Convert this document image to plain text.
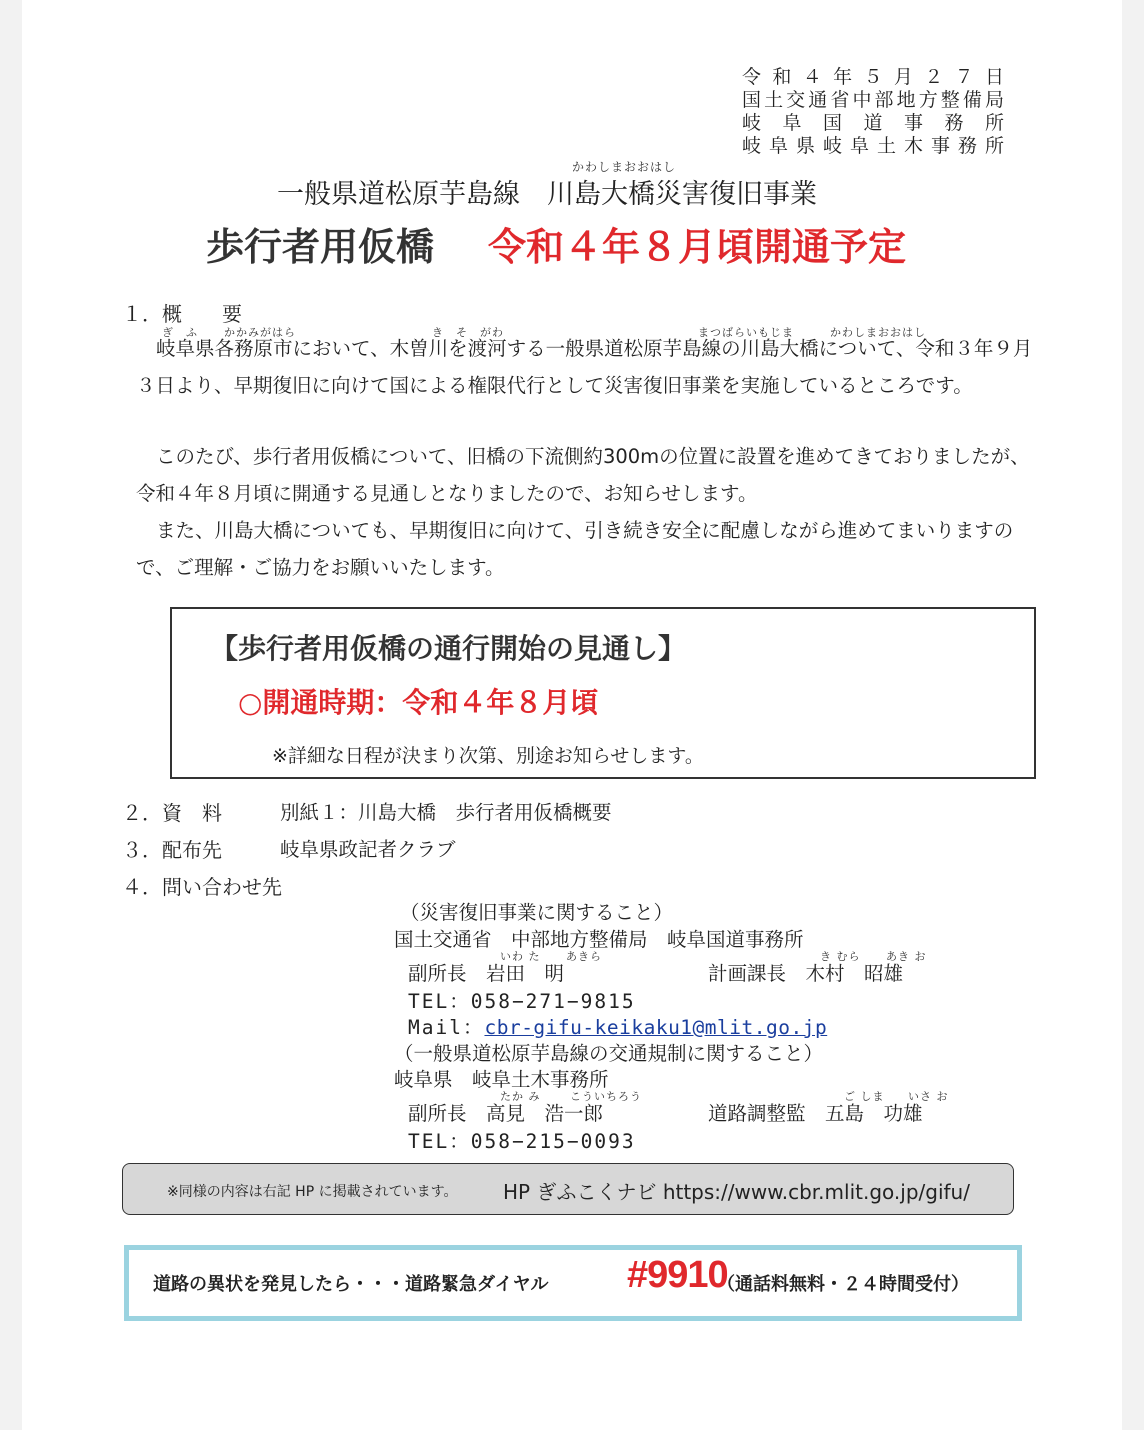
令和４年５月２７日
国土交通省中部地方整備局
岐阜国道事務所
岐阜県岐阜土木事務所
かわしまおおはし
一般県道松原芋島線　川島大橋災害復旧事業
歩行者用仮橋 令和４年８月頃開通予定
１．概　　要
ぎ　ふ かかみがはら	き　そ　がわ	まつばらいもじま	かわしまおおはし
岐阜県各務原市において、木曽川を渡河する一般県道松原芋島線の川島大橋について、令和３年９月３日より、早期復旧に向けて国による権限代行として災害復旧事業を実施しているところです。
このたび、歩行者用仮橋について、旧橋の下流側約300mの位置に設置を進めてきておりましたが、令和４年８月頃に開通する見通しとなりましたので、お知らせします。
また、川島大橋についても、早期復旧に向けて、引き続き安全に配慮しながら進めてまいりますので、ご理解・ご協力をお願いいたします。
【歩行者用仮橋の通行開始の見通し】
○開通時期：令和４年８月頃
※詳細な日程が決まり次第、別途お知らせします。
２．資　料	別紙１：川島大橋　歩行者用仮橋概要
３．配布先	岐阜県政記者クラブ
４．問い合わせ先
（災害復旧事業に関すること）
国土交通省　中部地方整備局　岐阜国道事務所
いわ た あきら
副所長　岩田　明
き むら あき お
計画課長　木村　昭雄
TEL：058−271−9815
Mail：cbr-gifu-keikaku1@mlit.go.jp
（一般県道松原芋島線の交通規制に関すること）
岐阜県　岐阜土木事務所
たか み	こういちろう
副所長　高見　浩一郎
ご しま いさ お
道路調整監　五島　功雄
TEL：058−215−0093
※同様の内容は右記 HP に掲載されています。 HP ぎふこくナビ https://www.cbr.mlit.go.jp/gifu/
道路の異状を発見したら・・・道路緊急ダイヤル #9910
（通話料無料・２４時間受付）
